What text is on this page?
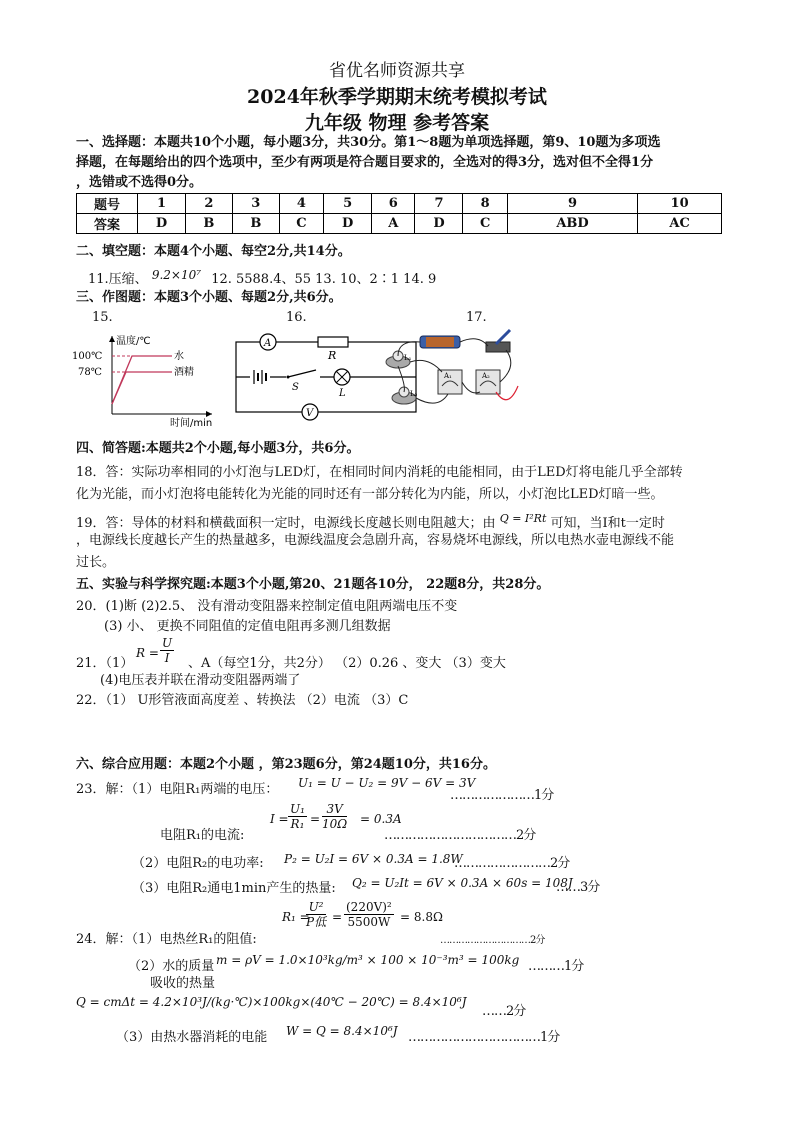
省优名师资源共享
2024年秋季学期期末统考模拟考试
九年级 物理 参考答案
一、选择题：本题共10个小题，每小题3分，共30分。第1～8题为单项选择题，第9、10题为多项选
择题，在每题给出的四个选项中，至少有两项是符合题目要求的，全选对的得3分，选对但不全得1分
，选错或不选得0分。
题号	1	2	3	4	5	6	7	8	9	10
答案	D	B	B	C	D	A	D	C	ABD	AC
二、填空题：本题4个小题、每空2分,共14分。
11.压缩、 9.2×10⁷ 12. 5588.4、55 13. 10、2∶1 14. 9
三、作图题：本题3个小题、每题2分,共6分。
15.	16.	17.
温度/℃
时间/min
100℃
78℃
水
酒精
A
R
S
L
V
L₁
L₂
A₁	A₂
四、简答题:本题共2个小题,每小题3分，共6分。
18．答：实际功率相同的小灯泡与LED灯，在相同时间内消耗的电能相同，由于LED灯将电能几乎全部转
化为光能，而小灯泡将电能转化为光能的同时还有一部分转化为内能，所以，小灯泡比LED灯暗一些。
19．答：导体的材料和横截面积一定时，电源线长度越长则电阻越大；由 $^{Q = I^2Rt}$ 可知，当I和t一定时
，电源线长度越长产生的热量越多，电源线温度会急剧升高，容易烧坏电源线，所以电热水壶电源线不能
过长。
五、实验与科学探究题:本题3个小题,第20、21题各10分， 22题8分，共28分。
20．(1)断 (2)2.5、 没有滑动变阻器来控制定值电阻两端电压不变
(3) 小、 更换不同阻值的定值电阻再多测几组数据
21．（1）
$R = \frac{U}{I}$ 、A（每空1分，共2分） （2）0.26 、变大 （3）变大
(4)电压表并联在滑动变阻器两端了
22．（1） U形管液面高度差 、转换法 （2）电流 （3）C
六、综合应用题：本题2个小题 ，第23题6分，第24题10分，共16分。
23．解：（1）电阻R₁两端的电压： U₁ = U − U₂ = 9V − 6V = 3V
…………………1分
$I = \frac{\text{U₁}}{\text{R₁}} = \frac{3V}{10\Omega} = 0.3A$
电阻R₁的电流:	……………………………2分
（2）电阻R₂的电功率: P₂ = U₂I = 6V × 0.3A = 1.8W
……………………2分
（3）电阻R₂通电1min产生的热量: Q₂ = U₂It = 6V × 0.3A × 60s = 108J
……3分
R₁ =
U²
P低 = $\frac{\text{(220V)²}}{5500W} = 8.8\Omega$
24．解：（1）电热丝R₁的阻值:	…………………………2分
（2）水的质量 m = ρV = 1.0×10³kg/m³ × 100 × 10⁻³m³ = 100kg ………1分
吸收的热量
Q = cmΔt = 4.2×10³J/(kg·℃)×100kg×(40℃ − 20℃) = 8.4×10⁶J
……2分
（3）由热水器消耗的电能 W = Q = 8.4×10⁶J ……………………………1分
